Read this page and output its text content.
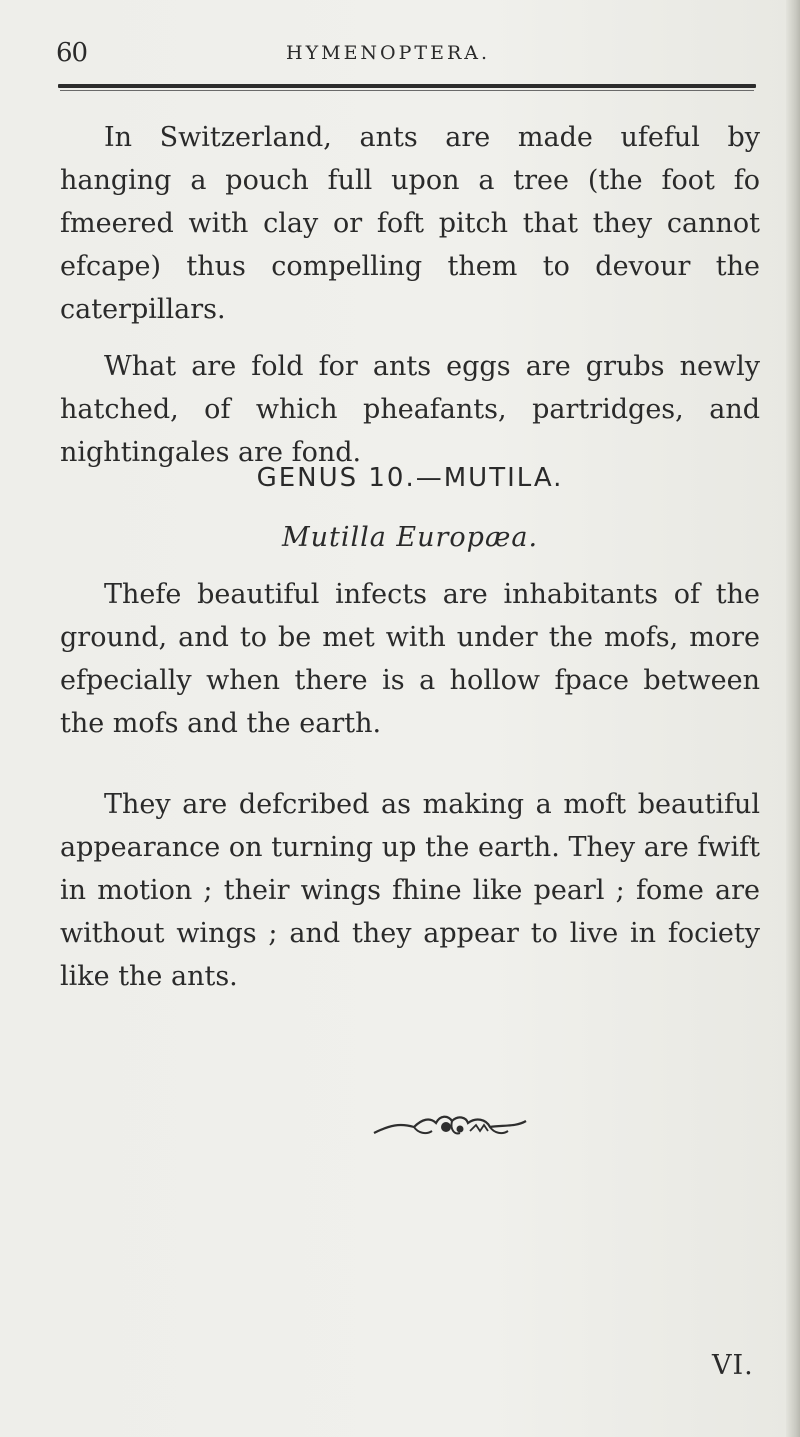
60	HYMENOPTERA.

In Switzerland, ants are made ufeful by hanging a pouch full upon a tree (the foot fo fmeered with clay or foft pitch that they cannot efcape) thus compelling them to devour the caterpillars.

What are fold for ants eggs are grubs newly hatched, of which pheafants, partridges, and nightingales are fond.

GENUS 10.—MUTILA.
Mutilla Europæa.

Thefe beautiful infects are inhabitants of the ground, and to be met with under the mofs, more efpecially when there is a hollow fpace between the mofs and the earth.

They are defcribed as making a moft beautiful appearance on turning up the earth. They are fwift in motion ; their wings fhine like pearl ; fome are without wings ; and they appear to live in fociety like the ants.

VI.
